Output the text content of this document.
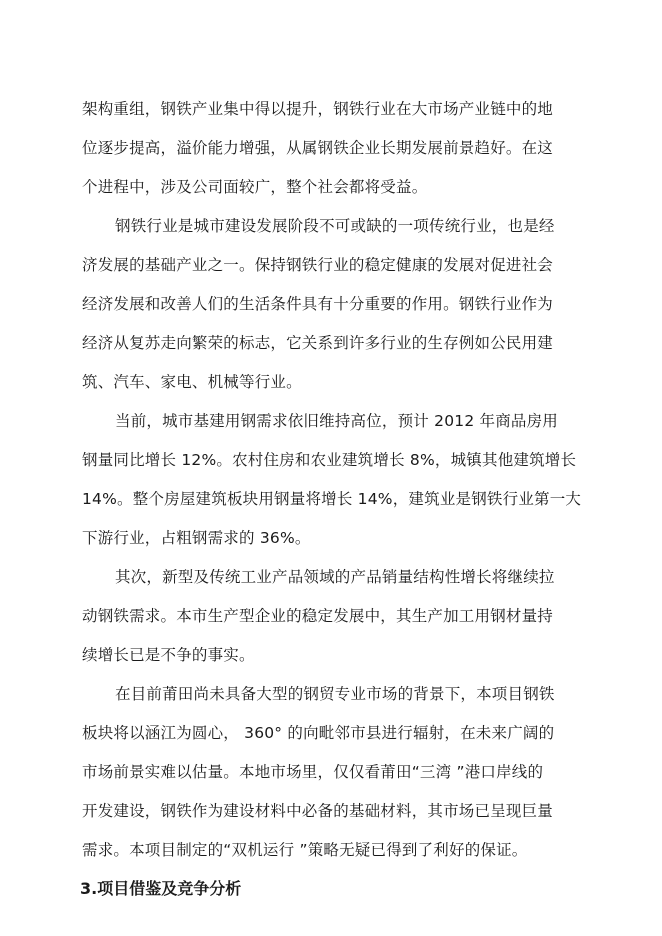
架构重组，钢铁产业集中得以提升，钢铁行业在大市场产业链中的地
位逐步提高，溢价能力增强，从属钢铁企业长期发展前景趋好。在这
个进程中，涉及公司面较广，整个社会都将受益。
钢铁行业是城市建设发展阶段不可或缺的一项传统行业，也是经
济发展的基础产业之一。保持钢铁行业的稳定健康的发展对促进社会
经济发展和改善人们的生活条件具有十分重要的作用。钢铁行业作为
经济从复苏走向繁荣的标志，它关系到许多行业的生存例如公民用建
筑、汽车、家电、机械等行业。
当前，城市基建用钢需求依旧维持高位，预计 2012 年商品房用
钢量同比增长 12%。农村住房和农业建筑增长 8%，城镇其他建筑增长
14%。整个房屋建筑板块用钢量将增长 14%，建筑业是钢铁行业第一大
下游行业，占粗钢需求的 36%。
其次，新型及传统工业产品领域的产品销量结构性增长将继续拉
动钢铁需求。本市生产型企业的稳定发展中，其生产加工用钢材量持
续增长已是不争的事实。
在目前莆田尚未具备大型的钢贸专业市场的背景下，本项目钢铁
板块将以涵江为圆心， 360° 的向毗邻市县进行辐射，在未来广阔的
市场前景实难以估量。本地市场里，仅仅看莆田“三湾 ”港口岸线的
开发建设，钢铁作为建设材料中必备的基础材料，其市场已呈现巨量
需求。本项目制定的“双机运行 ”策略无疑已得到了利好的保证。
3.项目借鉴及竞争分析
